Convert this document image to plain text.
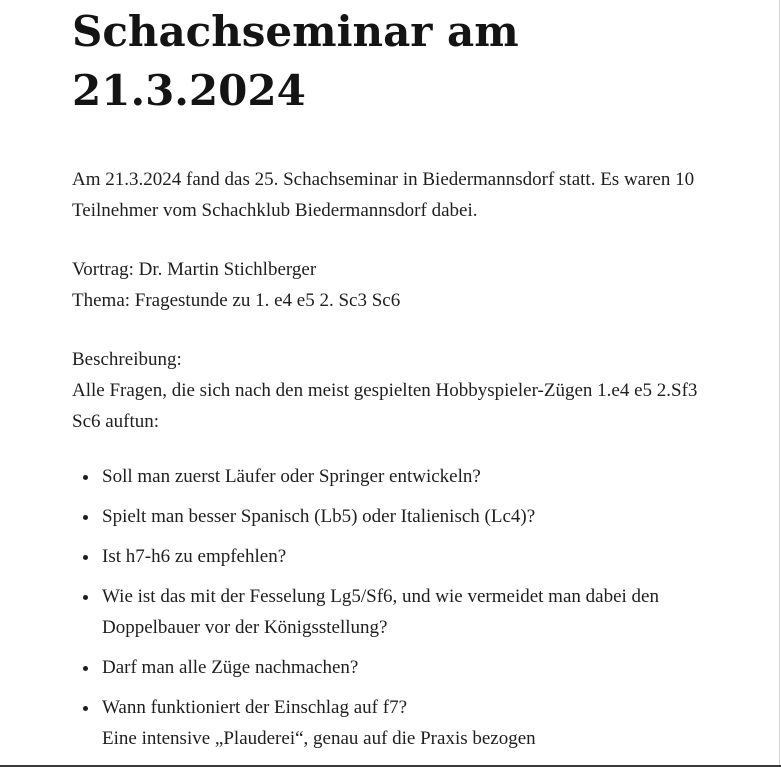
Schachseminar am
21.3.2024

Am 21.3.2024 fand das 25. Schachseminar in Biedermannsdorf statt. Es waren 10 Teilnehmer vom Schachklub Biedermannsdorf dabei.

Vortrag: Dr. Martin Stichlberger
Thema: Fragestunde zu 1. e4 e5 2. Sc3 Sc6

Beschreibung:
Alle Fragen, die sich nach den meist gespielten Hobbyspieler-Zügen 1.e4 e5 2.Sf3 Sc6 auftun:

• Soll man zuerst Läufer oder Springer entwickeln?
• Spielt man besser Spanisch (Lb5) oder Italienisch (Lc4)?
• Ist h7-h6 zu empfehlen?
• Wie ist das mit der Fesselung Lg5/Sf6, und wie vermeidet man dabei den Doppelbauer vor der Königsstellung?
• Darf man alle Züge nachmachen?
• Wann funktioniert der Einschlag auf f7?
Eine intensive „Plauderei“, genau auf die Praxis bezogen
